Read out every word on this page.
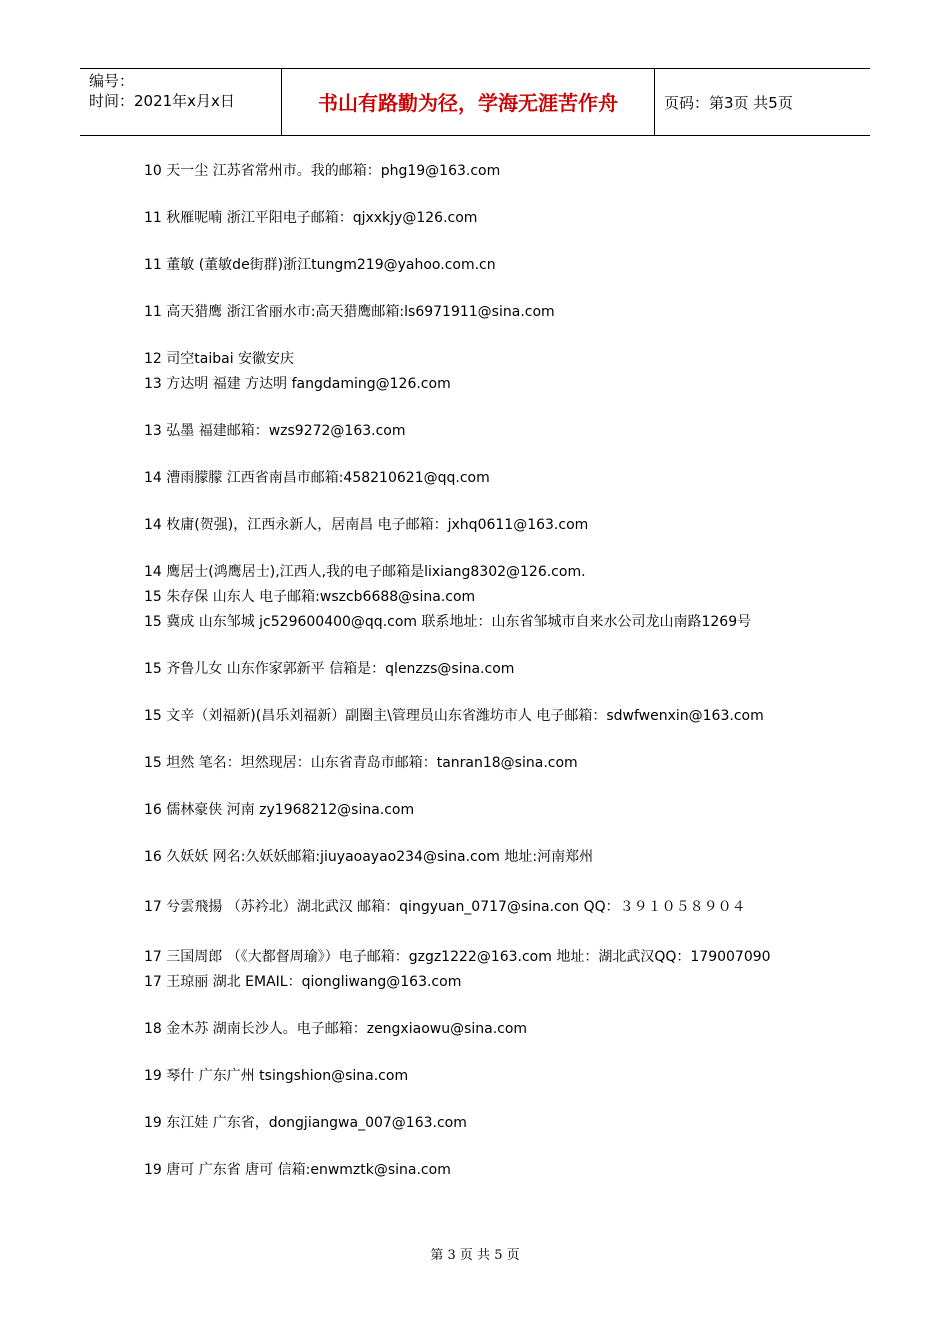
编号：
时间：2021年x月x日	书山有路勤为径，学海无涯苦作舟	页码：第3页 共5页
10 天一尘 江苏省常州市。我的邮箱：phg19@163.com
11 秋雁呢喃 浙江平阳电子邮箱：qjxxkjy@126.com
11 董敏 (董敏de街群)浙江tungm219@yahoo.com.cn
11 高天猎鹰 浙江省丽水市:高天猎鹰邮箱:ls6971911@sina.com
12 司空taibai 安徽安庆
13 方达明 福建 方达明 fangdaming@126.com
13 弘墨 福建邮箱：wzs9272@163.com
14 漕雨朦朦 江西省南昌市邮箱:458210621@qq.com
14 枚庸(贺强)，江西永新人，居南昌 电子邮箱：jxhq0611@163.com
14 鹰居士(鸿鹰居士),江西人,我的电子邮箱是lixiang8302@126.com.
15 朱存保 山东人 电子邮箱:wszcb6688@sina.com
15 冀成 山东邹城 jc529600400@qq.com 联系地址：山东省邹城市自来水公司龙山南路1269号
15 齐鲁儿女 山东作家郭新平 信箱是：qlenzzs@sina.com
15 文辛（刘福新)(昌乐刘福新）副圈主\管理员山东省潍坊市人 电子邮箱：sdwfwenxin@163.com
15 坦然 笔名：坦然现居：山东省青岛市邮箱：tanran18@sina.com
16 儒林豪侠 河南 zy1968212@sina.com
16 久妖妖 网名:久妖妖邮箱:jiuyaoayao234@sina.com 地址:河南郑州
17 兮雲飛揚 （苏衿北）湖北武汉 邮箱：qingyuan_0717@sina.con QQ：３９１０５８９０４
17 三国周郎 （《大都督周瑜》）电子邮箱：gzgz1222@163.com 地址：湖北武汉QQ：179007090
17 王琼丽 湖北 EMAIL：qiongliwang@163.com
18 金木苏 湖南长沙人。电子邮箱：zengxiaowu@sina.com
19 琴什 广东广州 tsingshion@sina.com
19 东江娃 广东省，dongjiangwa_007@163.com
19 唐可 广东省 唐可 信箱:enwmztk@sina.com
第 3 页 共 5 页
